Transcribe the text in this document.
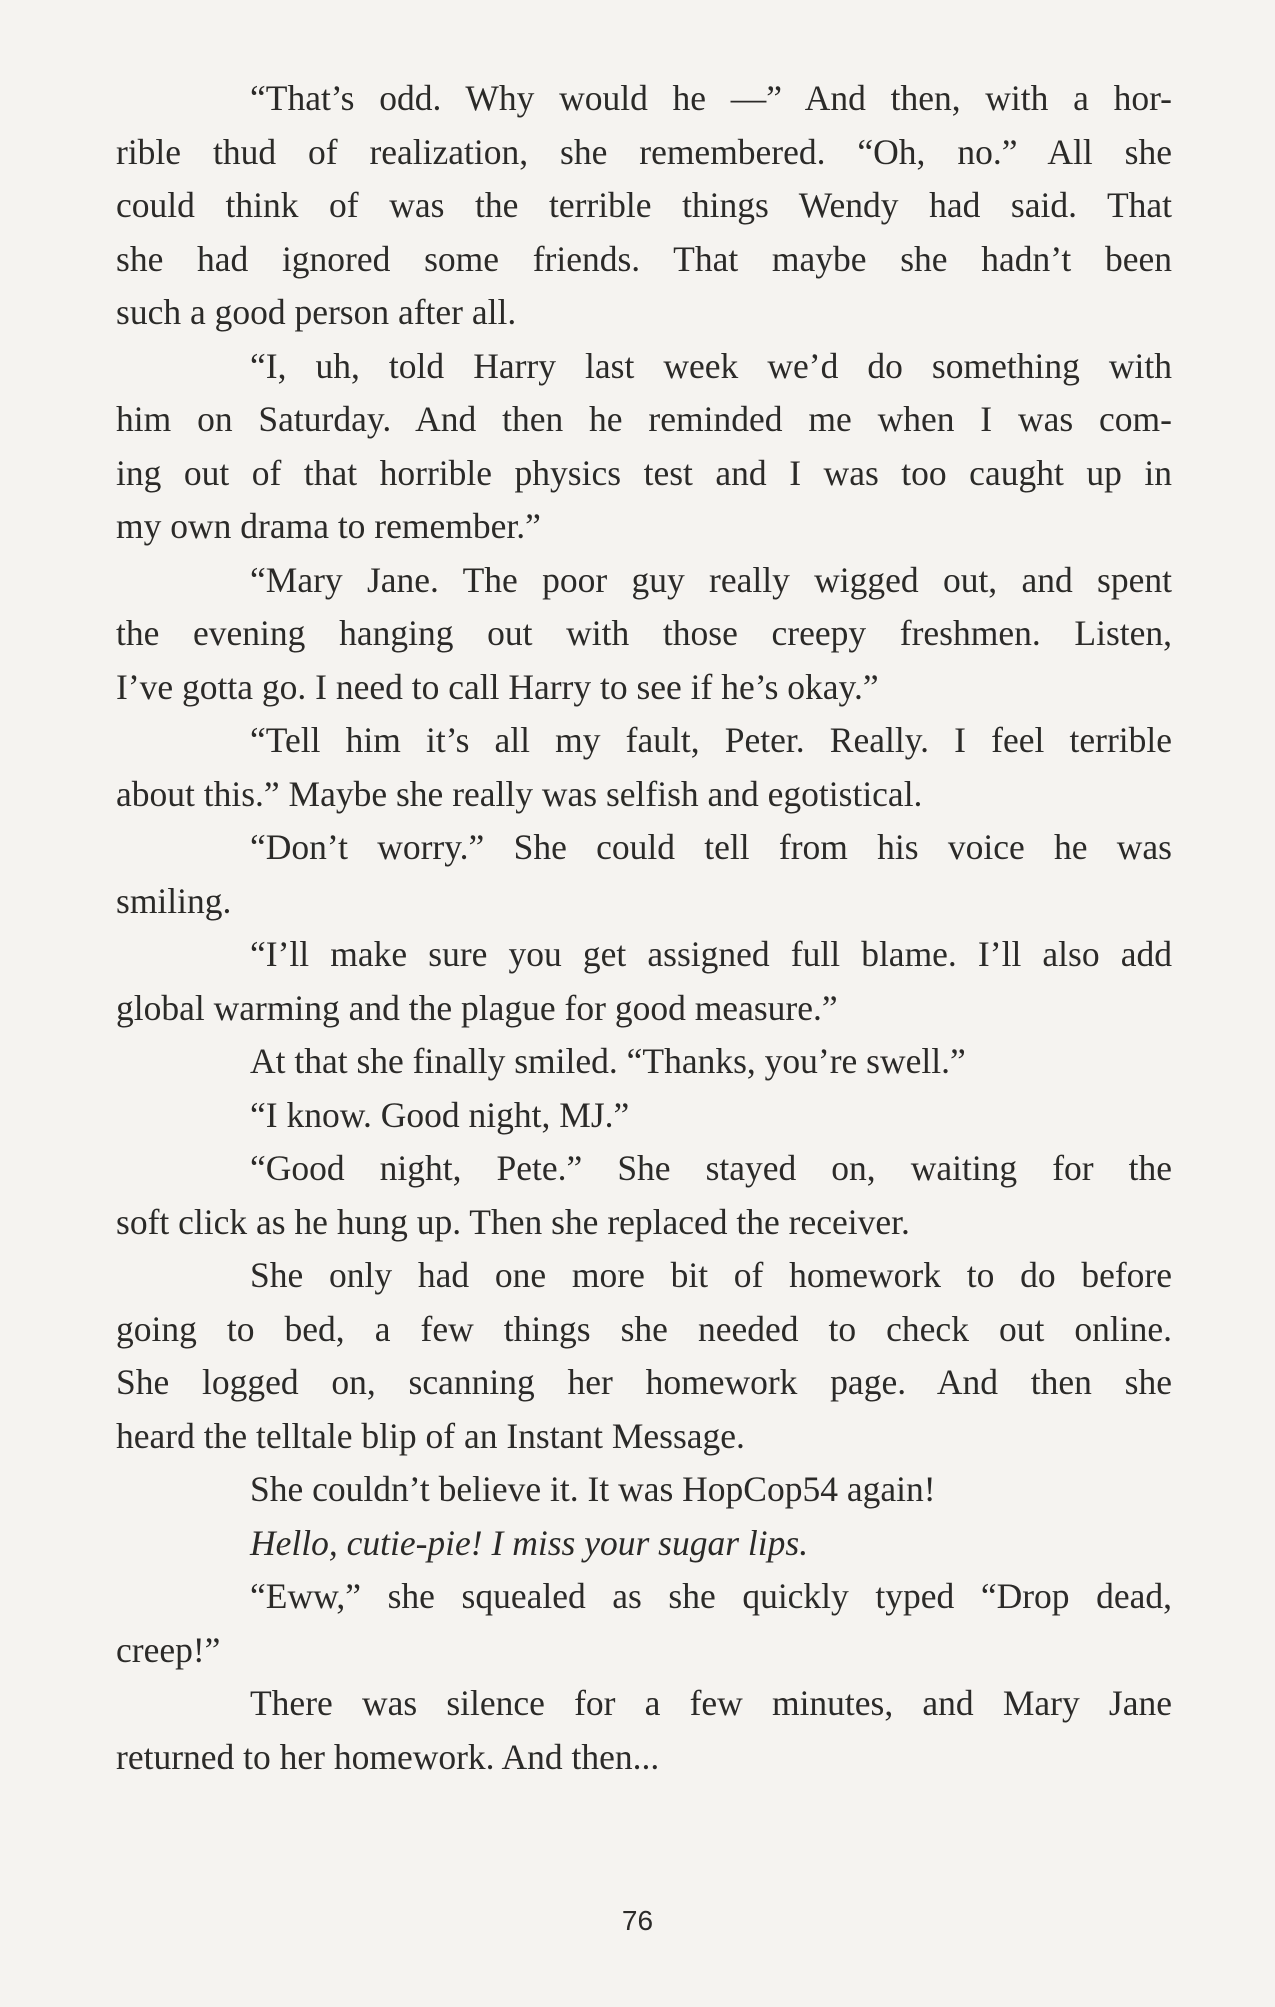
“That’s odd. Why would he —” And then, with a hor-
rible thud of realization, she remembered. “Oh, no.” All she
could think of was the terrible things Wendy had said. That
she had ignored some friends. That maybe she hadn’t been
such a good person after all.
“I, uh, told Harry last week we’d do something with
him on Saturday. And then he reminded me when I was com-
ing out of that horrible physics test and I was too caught up in
my own drama to remember.”
“Mary Jane. The poor guy really wigged out, and spent
the evening hanging out with those creepy freshmen. Listen,
I’ve gotta go. I need to call Harry to see if he’s okay.”
“Tell him it’s all my fault, Peter. Really. I feel terrible
about this.” Maybe she really was selfish and egotistical.
“Don’t worry.” She could tell from his voice he was
smiling.
“I’ll make sure you get assigned full blame. I’ll also add
global warming and the plague for good measure.”
At that she finally smiled. “Thanks, you’re swell.”
“I know. Good night, MJ.”
“Good night, Pete.” She stayed on, waiting for the
soft click as he hung up. Then she replaced the receiver.
She only had one more bit of homework to do before
going to bed, a few things she needed to check out online.
She logged on, scanning her homework page. And then she
heard the telltale blip of an Instant Message.
She couldn’t believe it. It was HopCop54 again!
Hello, cutie-pie! I miss your sugar lips.
“Eww,” she squealed as she quickly typed “Drop dead,
creep!”
There was silence for a few minutes, and Mary Jane
returned to her homework. And then...
76
